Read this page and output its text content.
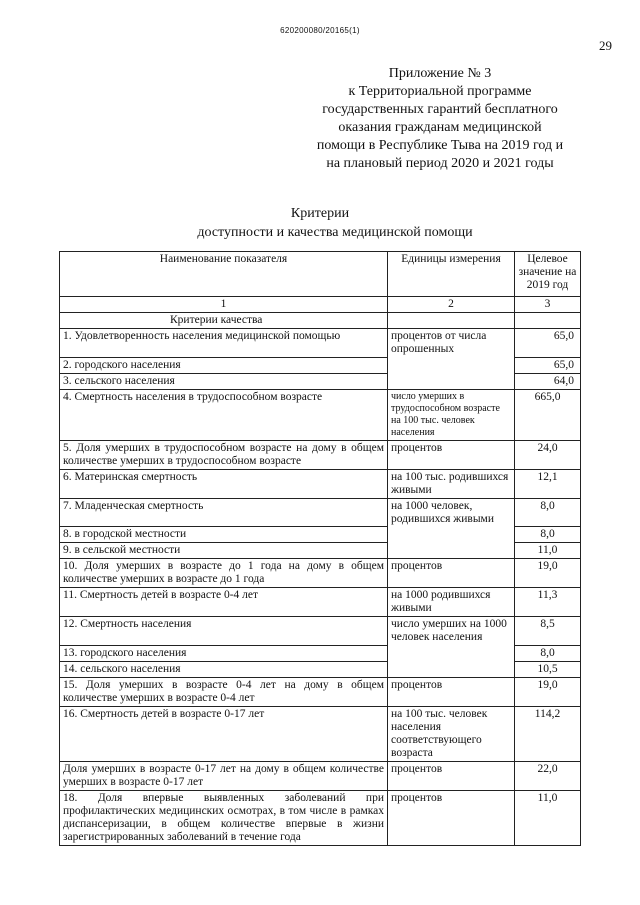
620200080/20165(1)
29
Приложение № 3
к Территориальной программе
государственных гарантий бесплатного
оказания гражданам медицинской
помощи в Республике Тыва на 2019 год и
на плановый период 2020 и 2021 годы
Критерии
доступности и качества медицинской помощи
Наименование показателя	Единицы измерения	Целевое значение на 2019 год
1	2	3
Критерии качества		
1. Удовлетворенность населения медицинской помощью	процентов от числа опрошенных	65,0
2. городского населения		65,0
3. сельского населения		64,0
4. Смертность населения в трудоспособном возрасте	число умерших в трудоспособном возрасте на 100 тыс. человек населения	665,0
5. Доля умерших в трудоспособном возрасте на дому в общем количестве умерших в трудоспособном возрасте	процентов	24,0
6. Материнская смертность	на 100 тыс. родившихся живыми	12,1
7. Младенческая смертность	на 1000 человек, родившихся живыми	8,0
8. в городской местности		8,0
9. в сельской местности		11,0
10. Доля умерших в возрасте до 1 года на дому в общем количестве умерших в возрасте до 1 года	процентов	19,0
11. Смертность детей в возрасте 0-4 лет	на 1000 родившихся живыми	11,3
12. Смертность населения	число умерших на 1000 человек населения	8,5
13. городского населения		8,0
14. сельского населения		10,5
15. Доля умерших в возрасте 0-4 лет на дому в общем количестве умерших в возрасте 0-4 лет	процентов	19,0
16. Смертность детей в возрасте 0-17 лет	на 100 тыс. человек населения соответствующего возраста	114,2
Доля умерших в возрасте 0-17 лет на дому в общем количестве умерших в возрасте 0-17 лет	процентов	22,0
18. Доля впервые выявленных заболеваний при профилактических медицинских осмотрах, в том числе в рамках диспансеризации, в общем количестве впервые в жизни зарегистрированных заболеваний в течение года	процентов	11,0
